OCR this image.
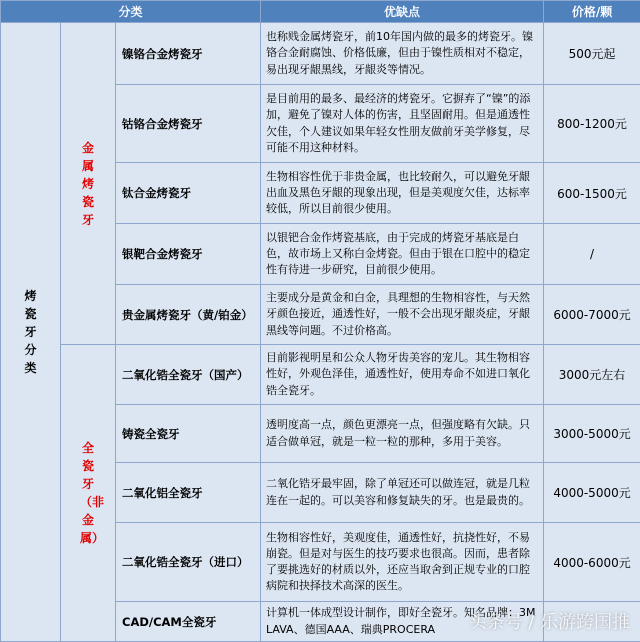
分类			优缺点	价格/颗

烤瓷牙分类	金属烤瓷牙	镍铬合金烤瓷牙	也称贱金属烤瓷牙，前10年国内做的最多的烤瓷牙。镍铬合金耐腐蚀、价格低廉，但由于镍性质相对不稳定，易出现牙龈黑线，牙龈炎等情况。	500元起
		钴铬合金烤瓷牙	是目前用的最多、最经济的烤瓷牙。它摒弃了“镍”的添加，避免了镍对人体的伤害，且坚固耐用。但是通透性欠佳，个人建议如果年轻女性朋友做前牙美学修复，尽可能不用这种材料。	800-1200元
		钛合金烤瓷牙	生物相容性优于非贵金属，也比较耐久，可以避免牙龈出血及黑色牙龈的现象出现，但是美观度欠佳，达标率较低，所以目前很少使用。	600-1500元
		银靶合金烤瓷牙	以银钯合金作烤瓷基底，由于完成的烤瓷牙基底是白色，故市场上又称白金烤瓷。但由于银在口腔中的稳定性有待进一步研究，目前很少使用。	/
		贵金属烤瓷牙（黄/铂金）	主要成分是黄金和白金，具理想的生物相容性，与天然牙颜色接近，通透性好，一般不会出现牙龈炎症，牙龈黑线等问题。不过价格高。	6000-7000元

	全瓷牙（非金属）	二氧化锆全瓷牙（国产）	目前影视明星和公众人物牙齿美容的宠儿。其生物相容性好，外观色泽佳，通透性好，使用寿命不如进口氧化锆全瓷牙。	3000元左右
		铸瓷全瓷牙	透明度高一点，颜色更漂亮一点，但强度略有欠缺。只适合做单冠，就是一粒一粒的那种，多用于美容。	3000-5000元
		二氧化铝全瓷牙	二氧化锆牙最牢固，除了单冠还可以做连冠，就是几粒连在一起的。可以美容和修复缺失的牙。也是最贵的。	4000-5000元
		二氧化锆全瓷牙（进口）	生物相容性好，美观度佳，通透性好，抗挠性好，不易崩瓷。但是对与医生的技巧要求也很高。因而，患者除了要挑选好的材质以外，还应当取舍到正规专业的口腔病院和抉择技术高深的医生。	4000-6000元
		CAD/CAM全瓷牙	计算机一体成型设计制作，即好全瓷牙。知名品牌：3M LAVA、德国AAA、瑞典PROCERA	头条号 / 乐游跨国推
